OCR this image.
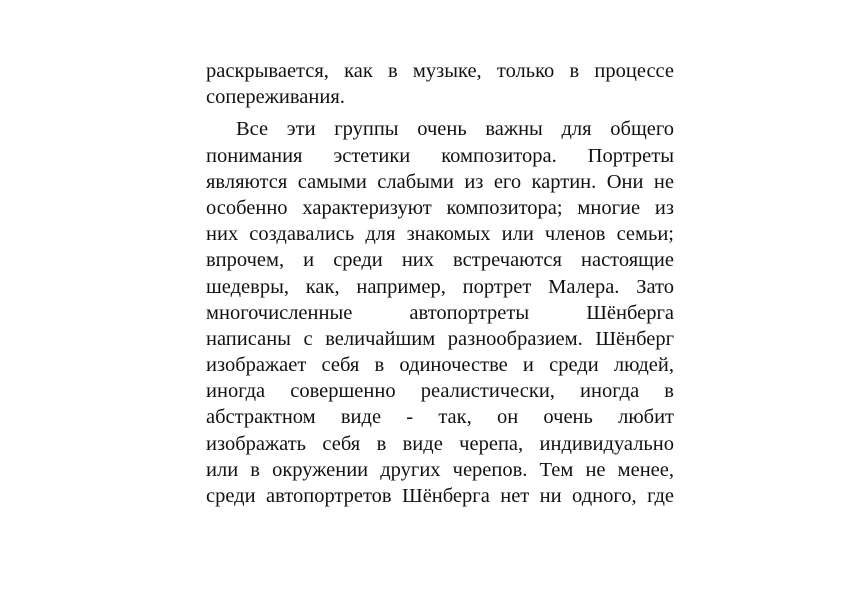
раскрывается, как в музыке, только в процессе
сопереживания.
Все эти группы очень важны для общего
понимания эстетики композитора. Портреты
являются самыми слабыми из его картин. Они не
особенно характеризуют композитора; многие из
них создавались для знакомых или членов семьи;
впрочем, и среди них встречаются настоящие
шедевры, как, например, портрет Малера. Зато
многочисленные автопортреты Шёнберга
написаны с величайшим разнообразием. Шёнберг
изображает себя в одиночестве и среди людей,
иногда совершенно реалистически, иногда в
абстрактном виде - так, он очень любит
изображать себя в виде черепа, индивидуально
или в окружении других черепов. Тем не менее,
среди автопортретов Шёнберга нет ни одного, где
